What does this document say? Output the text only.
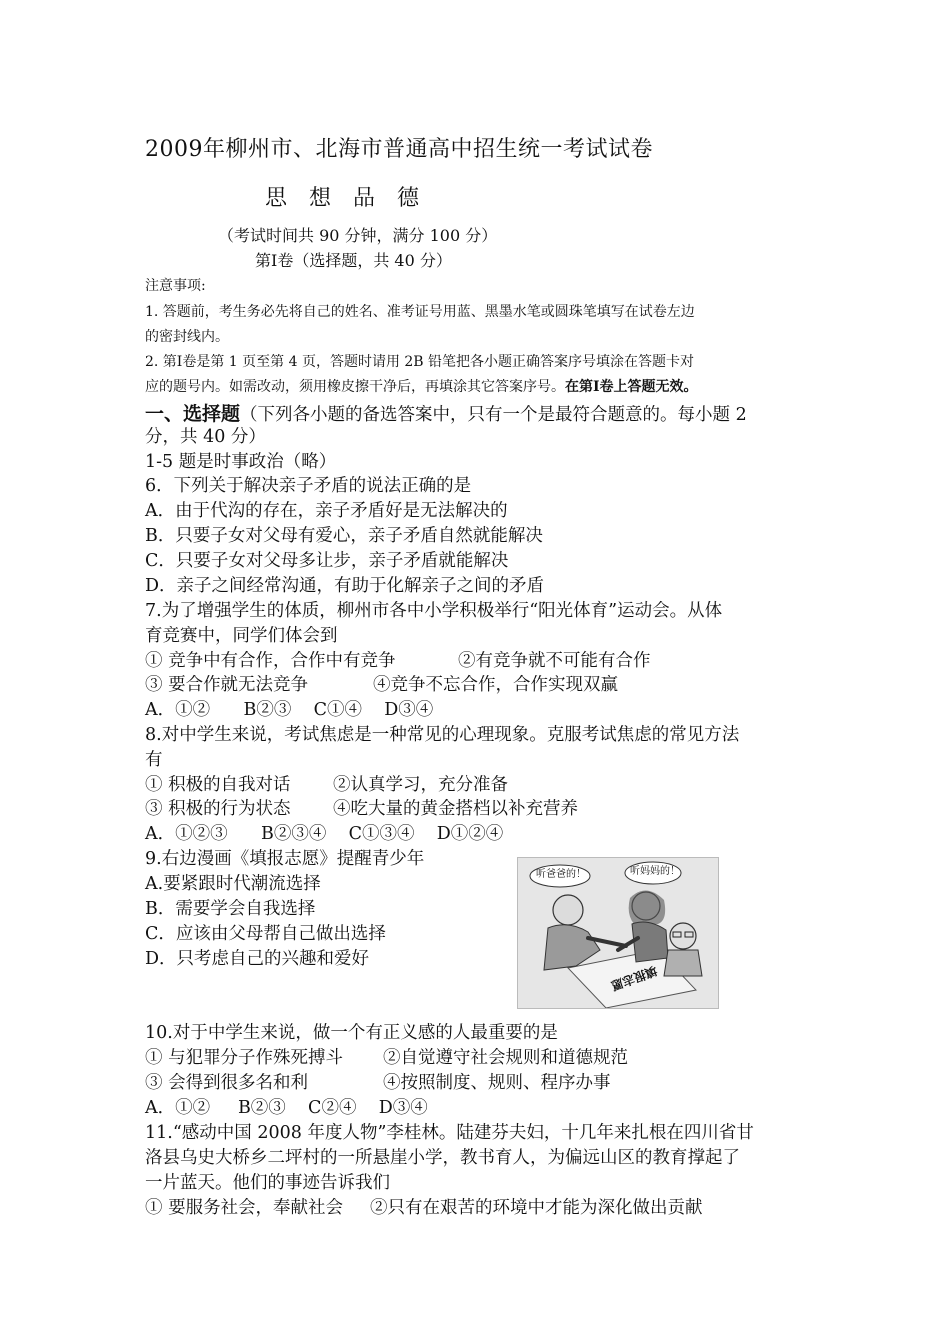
2009年柳州市、北海市普通高中招生统一考试试卷
思 想 品 德
（考试时间共 90 分钟，满分 100 分）
第Ⅰ卷（选择题，共 40 分）
注意事项:
1. 答题前，考生务必先将自己的姓名、准考证号用蓝、黑墨水笔或圆珠笔填写在试卷左边
的密封线内。
2. 第Ⅰ卷是第 1 页至第 4 页，答题时请用 2B 铅笔把各小题正确答案序号填涂在答题卡对
应的题号内。如需改动，须用橡皮擦干净后，再填涂其它答案序号。在第Ⅰ卷上答题无效。
一、选择题（下列各小题的备选答案中，只有一个是最符合题意的。每小题 2
分，共 40 分）
1-5 题是时事政治（略）
6．下列关于解决亲子矛盾的说法正确的是
A．由于代沟的存在，亲子矛盾好是无法解决的
B．只要子女对父母有爱心，亲子矛盾自然就能解决
C．只要子女对父母多让步，亲子矛盾就能解决
D．亲子之间经常沟通，有助于化解亲子之间的矛盾
7.为了增强学生的体质，柳州市各中小学积极举行“阳光体育”运动会。从体
育竞赛中，同学们体会到
① 竞争中有合作，合作中有竞争	②有竞争就不可能有合作
③ 要合作就无法竞争	④竞争不忘合作，合作实现双赢
A．①②      B②③    C①④    D③④
8.对中学生来说，考试焦虑是一种常见的心理现象。克服考试焦虑的常见方法
有
① 积极的自我对话 ②认真学习，充分准备
③ 积极的行为状态 ④吃大量的黄金搭档以补充营养
A．①②③      B②③④    C①③④    D①②④
9.右边漫画《填报志愿》提醒青少年
A.要紧跟时代潮流选择
B．需要学会自我选择
C．应该由父母帮自己做出选择
D．只考虑自己的兴趣和爱好
听爸爸的！	听妈妈的！
填报志愿
10.对于中学生来说，做一个有正义感的人最重要的是
① 与犯罪分子作殊死搏斗 ②自觉遵守社会规则和道德规范
③ 会得到很多名和利	④按照制度、规则、程序办事
A．①②     B②③    C②④    D③④
11.“感动中国 2008 年度人物”李桂林。陆建芬夫妇，十几年来扎根在四川省甘
洛县乌史大桥乡二坪村的一所悬崖小学，教书育人，为偏远山区的教育撑起了
一片蓝天。他们的事迹告诉我们
① 要服务社会，奉献社会 ②只有在艰苦的环境中才能为深化做出贡献
